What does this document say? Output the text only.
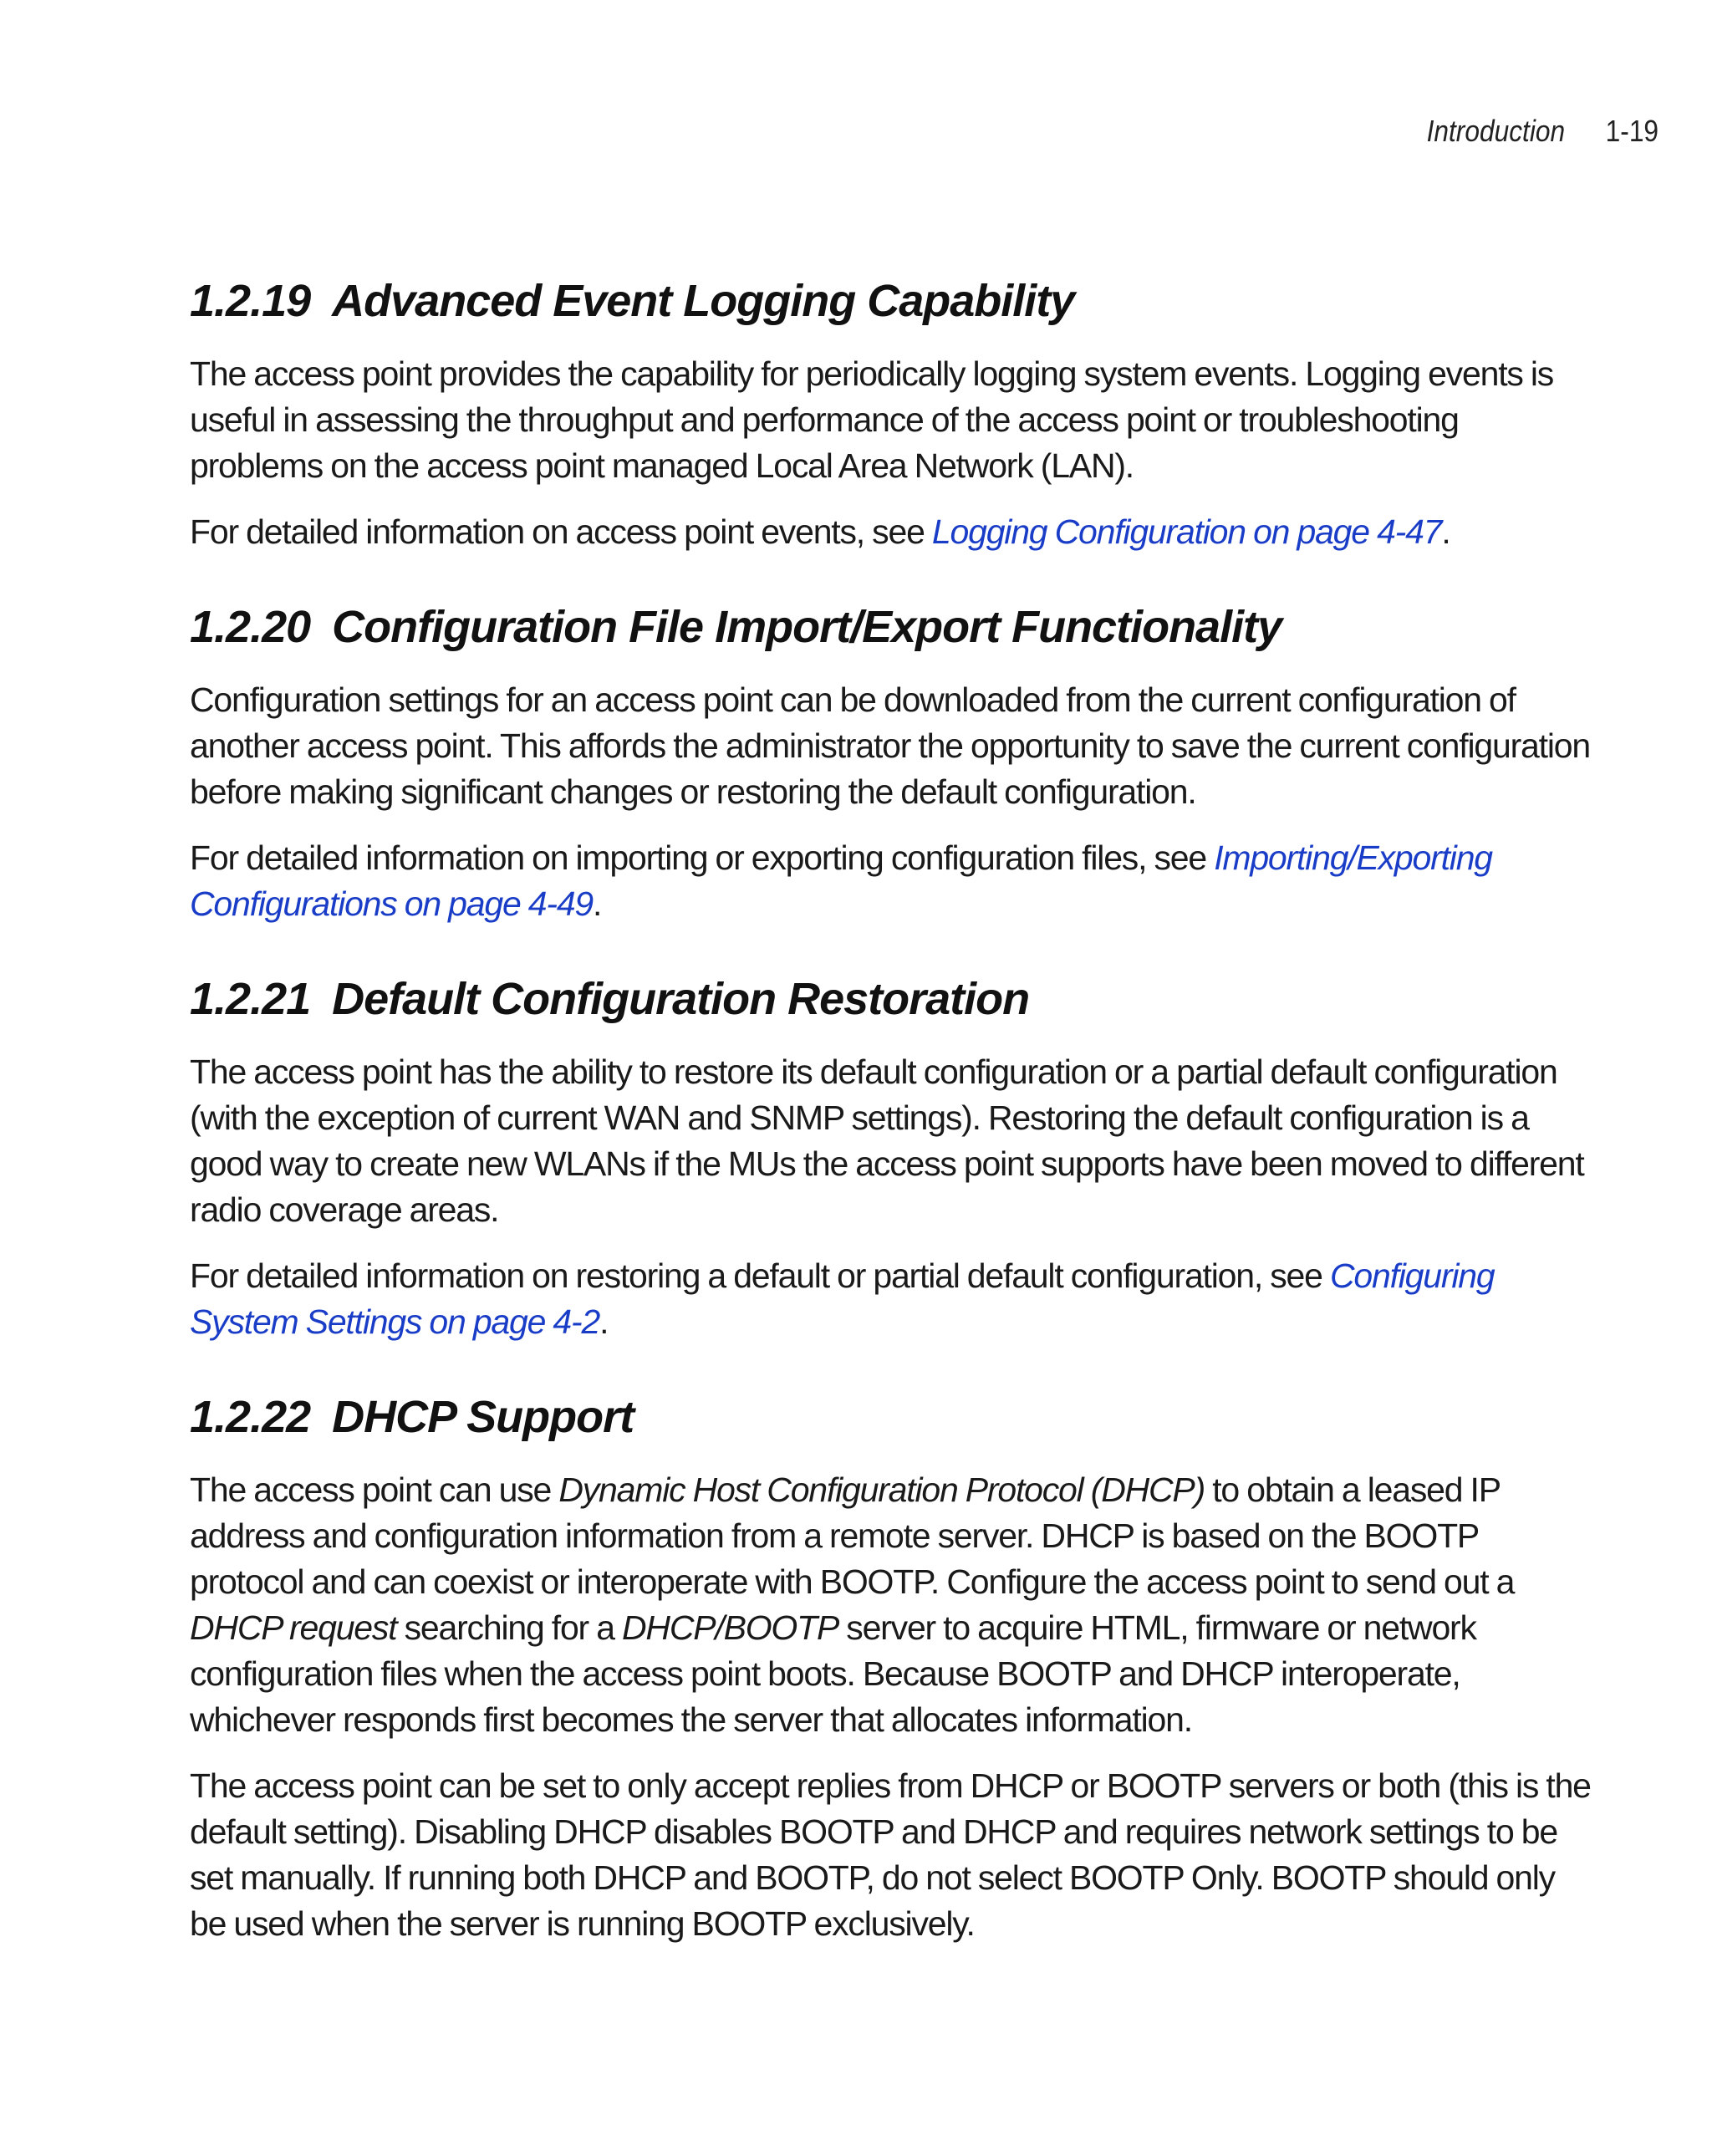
Introduction 1-19
1.2.19 Advanced Event Logging Capability

The access point provides the capability for periodically logging system events. Logging events is useful in assessing the throughput and performance of the access point or troubleshooting problems on the access point managed Local Area Network (LAN).

For detailed information on access point events, see Logging Configuration on page 4-47.

1.2.20 Configuration File Import/Export Functionality

Configuration settings for an access point can be downloaded from the current configuration of another access point. This affords the administrator the opportunity to save the current configuration before making significant changes or restoring the default configuration.

For detailed information on importing or exporting configuration files, see Importing/Exporting Configurations on page 4-49.

1.2.21 Default Configuration Restoration

The access point has the ability to restore its default configuration or a partial default configuration (with the exception of current WAN and SNMP settings). Restoring the default configuration is a good way to create new WLANs if the MUs the access point supports have been moved to different radio coverage areas.

For detailed information on restoring a default or partial default configuration, see Configuring System Settings on page 4-2.

1.2.22 DHCP Support

The access point can use Dynamic Host Configuration Protocol (DHCP) to obtain a leased IP address and configuration information from a remote server. DHCP is based on the BOOTP protocol and can coexist or interoperate with BOOTP. Configure the access point to send out a DHCP request searching for a DHCP/BOOTP server to acquire HTML, firmware or network configuration files when the access point boots. Because BOOTP and DHCP interoperate, whichever responds first becomes the server that allocates information.

The access point can be set to only accept replies from DHCP or BOOTP servers or both (this is the default setting). Disabling DHCP disables BOOTP and DHCP and requires network settings to be set manually. If running both DHCP and BOOTP, do not select BOOTP Only. BOOTP should only be used when the server is running BOOTP exclusively.
